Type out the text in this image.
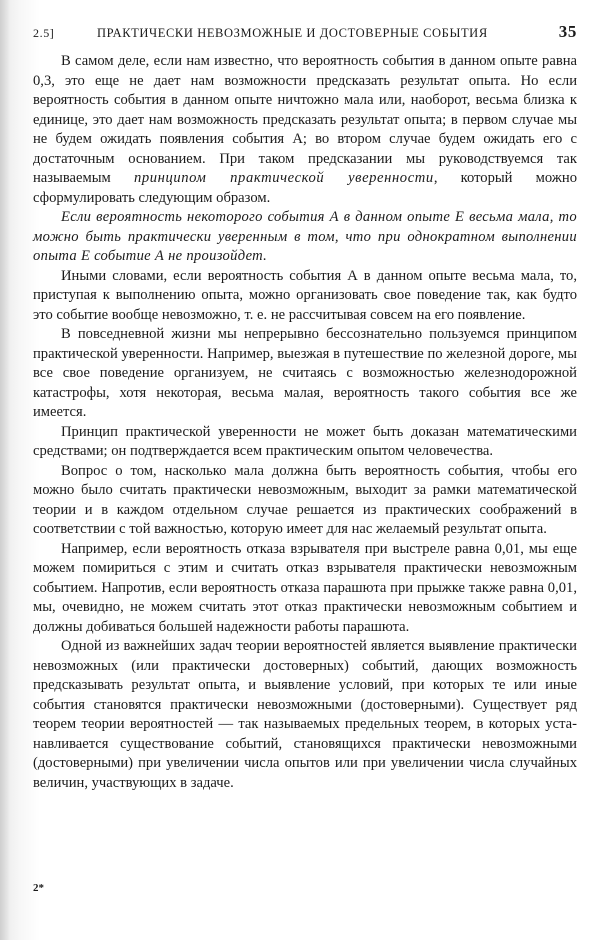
2.5]	ПРАКТИЧЕСКИ НЕВОЗМОЖНЫЕ И ДОСТОВЕРНЫЕ СОБЫТИЯ	35

В самом деле, если нам известно, что вероятность события в данном опыте равна 0,3, это еще не дает нам возможности предсказать результат опыта. Но если вероятность события в данном опыте ничтожно мала или, наоборот, весьма близка к единице, это дает нам возможность предсказать результат опыта; в первом случае мы не будем ожидать появления события А; во втором случае будем ожидать его с достаточным основанием. При таком предсказании мы руководствуемся так называемым принципом практической уверенности, который можно сформулировать следующим образом.

Если вероятность некоторого события А в данном опыте Е весьма мала, то можно быть практически уверенным в том, что при однократном выполнении опыта Е событие А не произойдет.

Иными словами, если вероятность события А в данном опыте весьма мала, то, приступая к выполнению опыта, можно организовать свое поведение так, как будто это событие вообще невозможно, т. е. не рассчитывая совсем на его появление.

В повседневной жизни мы непрерывно бессознательно пользуемся принципом практической уверенности. Например, выезжая в путешествие по железной дороге, мы все свое поведение организуем, не считаясь с возможностью железнодорожной катастрофы, хотя некоторая, весьма малая, вероятность такого события все же имеется.

Принцип практической уверенности не может быть доказан математическими средствами; он подтверждается всем практическим опытом человечества.

Вопрос о том, насколько мала должна быть вероятность события, чтобы его можно было считать практически невозможным, выходит за рамки математической теории и в каждом отдельном случае решается из практических соображений в соответствии с той важностью, которую имеет для нас желаемый результат опыта.

Например, если вероятность отказа взрывателя при выстреле равна 0,01, мы еще можем помириться с этим и считать отказ взрывателя практически невозможным событием. Напротив, если вероятность отказа парашюта при прыжке также равна 0,01, мы, очевидно, не можем считать этот отказ практически невозможным событием и должны добиваться большей надежности работы парашюта.

Одной из важнейших задач теории вероятностей является выявление практически невозможных (или практически достоверных) событий, дающих возможность предсказывать результат опыта, и выявление условий, при которых те или иные события становятся практически невозможными (достоверными). Существует ряд теорем теории вероятностей — так называемых предельных теорем, в которых устанавливается существование событий, становящихся практически невозможными (достоверными) при увеличении числа опытов или при увеличении числа случайных величин, участвующих в задаче.

2*
